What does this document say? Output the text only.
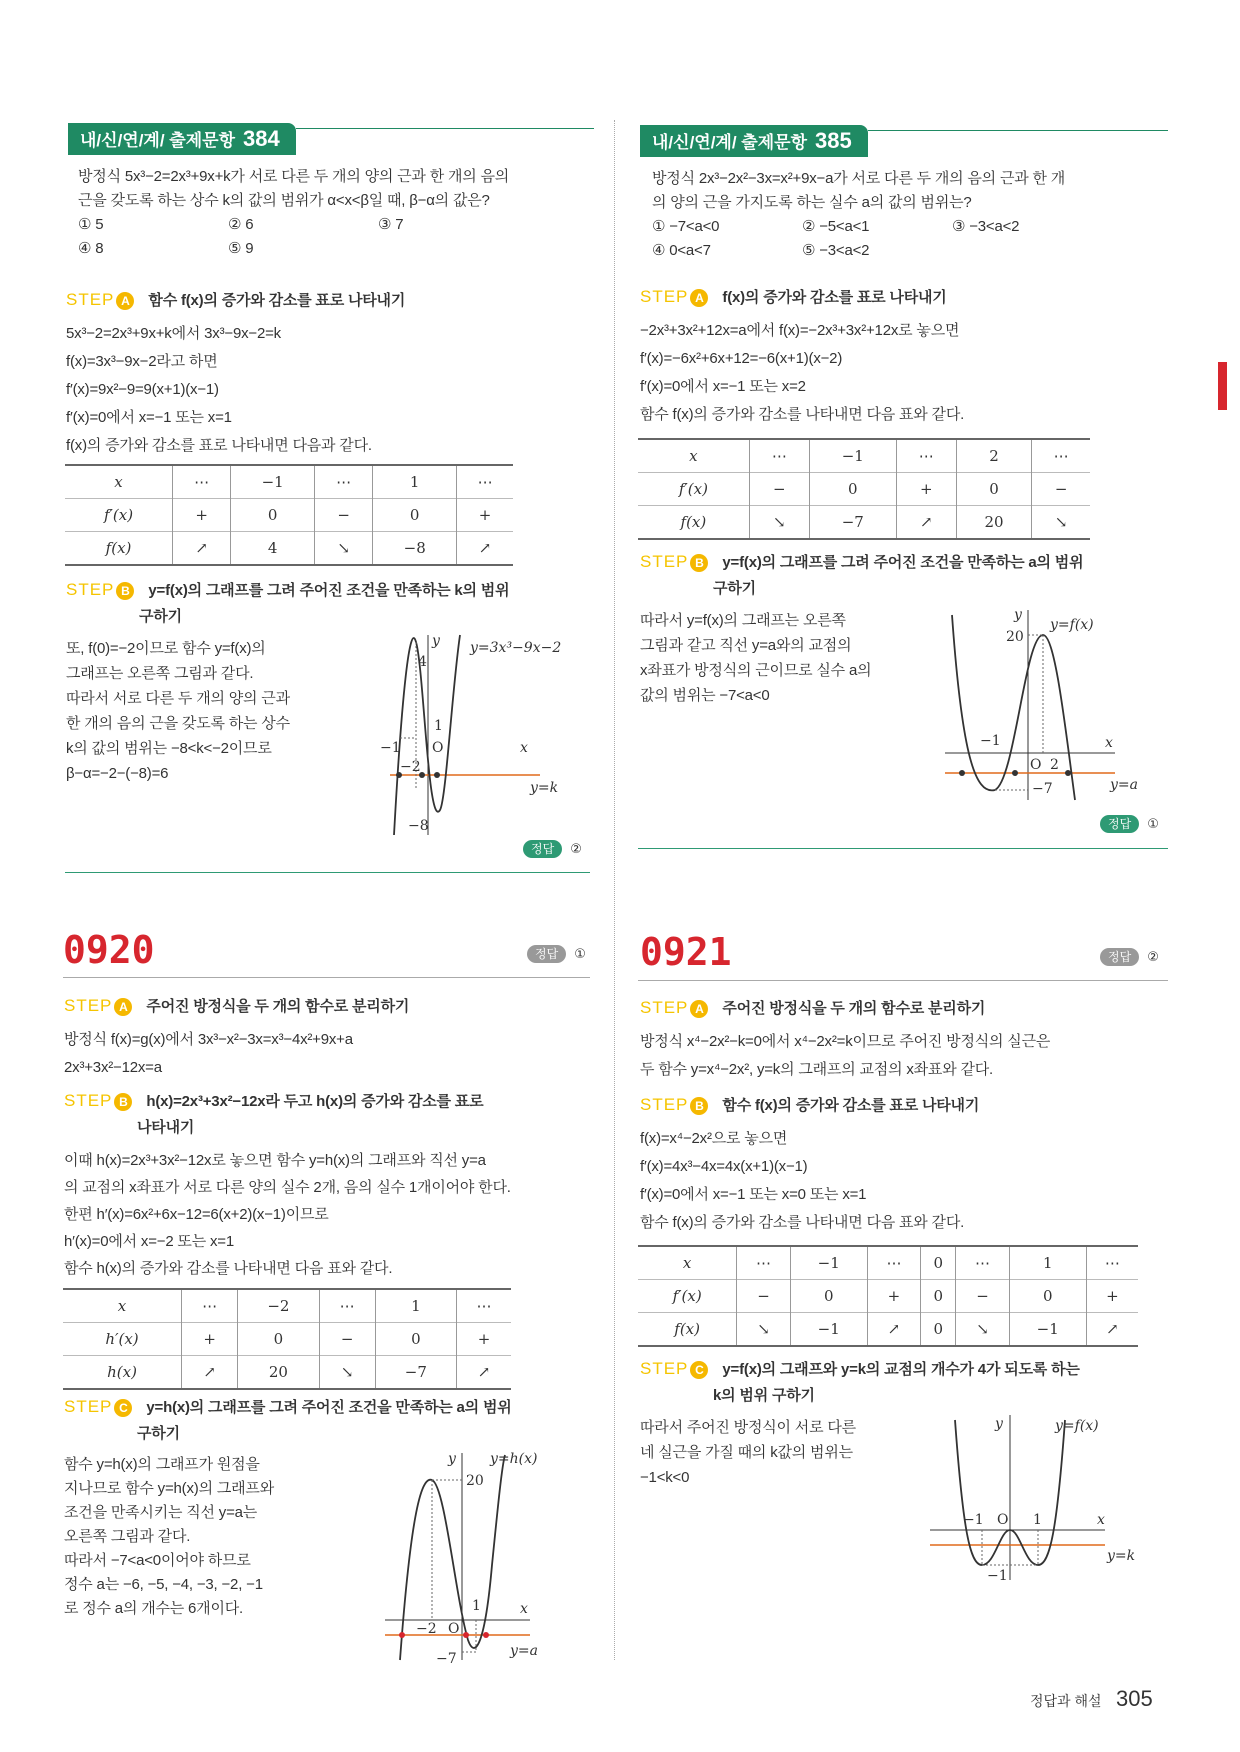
내/신/연/계/ 출제문항 384
방정식 5x³−2=2x³+9x+k가 서로 다른 두 개의 양의 근과 한 개의 음의
근을 갖도록 하는 상수 k의 값의 범위가 α<x<β일 때, β−α의 값은?
① 5	② 6	③ 7
④ 8	⑤ 9
STEP A 함수 f(x)의 증가와 감소를 표로 나타내기
5x³−2=2x³+9x+k에서 3x³−9x−2=k
f(x)=3x³−9x−2라고 하면
f′(x)=9x²−9=9(x+1)(x−1)
f′(x)=0에서 x=−1 또는 x=1
f(x)의 증가와 감소를 표로 나타내면 다음과 같다.
x	⋯	−1	⋯	1	⋯
f′(x)	+	0	−	0	+
f(x)	↗	4	↘	−8	↗
STEP B y=f(x)의 그래프를 그려 주어진 조건을 만족하는 k의 범위
구하기
또, f(0)=−2이므로 함수 y=f(x)의
그래프는 오른쪽 그림과 같다.
따라서 서로 다른 두 개의 양의 근과
한 개의 음의 근을 갖도록 하는 상수
k의 값의 범위는 −8<k<−2이므로
β−α=−2−(−8)=6
y y=3x³−9x−2
4
1
−1 O
−2
−8
x
y=k
정답 ②
내/신/연/계/ 출제문항 385
방정식 2x³−2x²−3x=x²+9x−a가 서로 다른 두 개의 음의 근과 한 개
의 양의 근을 가지도록 하는 실수 a의 값의 범위는?
① −7<a<0	② −5<a<1	③ −3<a<2
④ 0<a<7	⑤ −3<a<2
STEP A f(x)의 증가와 감소를 표로 나타내기
−2x³+3x²+12x=a에서 f(x)=−2x³+3x²+12x로 놓으면
f′(x)=−6x²+6x+12=−6(x+1)(x−2)
f′(x)=0에서 x=−1 또는 x=2
함수 f(x)의 증가와 감소를 나타내면 다음 표와 같다.
x	⋯	−1	⋯	2	⋯
f′(x)	−	0	+	0	−
f(x)	↘	−7	↗	20	↘
STEP B y=f(x)의 그래프를 그려 주어진 조건을 만족하는 a의 범위
구하기
따라서 y=f(x)의 그래프는 오른쪽
그림과 같고 직선 y=a와의 교점의
x좌표가 방정식의 근이므로 실수 a의
값의 범위는 −7<a<0
y
y=f(x)
20
−1
O 2
−7
x
y=a
정답 ①
0920	정답 ①
STEP A 주어진 방정식을 두 개의 함수로 분리하기
방정식 f(x)=g(x)에서 3x³−x²−3x=x³−4x²+9x+a
2x³+3x²−12x=a
STEP B h(x)=2x³+3x²−12x라 두고 h(x)의 증가와 감소를 표로
나타내기
이때 h(x)=2x³+3x²−12x로 놓으면 함수 y=h(x)의 그래프와 직선 y=a
의 교점의 x좌표가 서로 다른 양의 실수 2개, 음의 실수 1개이어야 한다.
한편 h′(x)=6x²+6x−12=6(x+2)(x−1)이므로
h′(x)=0에서 x=−2 또는 x=1
함수 h(x)의 증가와 감소를 나타내면 다음 표와 같다.
x	⋯	−2	⋯	1	⋯
h′(x)	+	0	−	0	+
h(x)	↗	20	↘	−7	↗
STEP C y=h(x)의 그래프를 그려 주어진 조건을 만족하는 a의 범위
구하기
함수 y=h(x)의 그래프가 원점을
지나므로 함수 y=h(x)의 그래프와
조건을 만족시키는 직선 y=a는
오른쪽 그림과 같다.
따라서 −7<a<0이어야 하므로
정수 a는 −6, −5, −4, −3, −2, −1
로 정수 a의 개수는 6개이다.
y y=h(x)
20
1
−2 O
−7
x
y=a
0921	정답 ②
STEP A 주어진 방정식을 두 개의 함수로 분리하기
방정식 x⁴−2x²−k=0에서 x⁴−2x²=k이므로 주어진 방정식의 실근은
두 함수 y=x⁴−2x², y=k의 그래프의 교점의 x좌표와 같다.
STEP B 함수 f(x)의 증가와 감소를 표로 나타내기
f(x)=x⁴−2x²으로 놓으면
f′(x)=4x³−4x=4x(x+1)(x−1)
f′(x)=0에서 x=−1 또는 x=0 또는 x=1
함수 f(x)의 증가와 감소를 나타내면 다음 표와 같다.
x	⋯	−1	⋯	0	⋯	1	⋯
f′(x)	−	0	+	0	−	0	+
f(x)	↘	−1	↗	0	↘	−1	↗
STEP C y=f(x)의 그래프와 y=k의 교점의 개수가 4가 되도록 하는
k의 범위 구하기
따라서 주어진 방정식이 서로 다른
네 실근을 가질 때의 k값의 범위는
−1<k<0
y	y=f(x)
−1 O 1
−1
x
y=k
정답과 해설 305
